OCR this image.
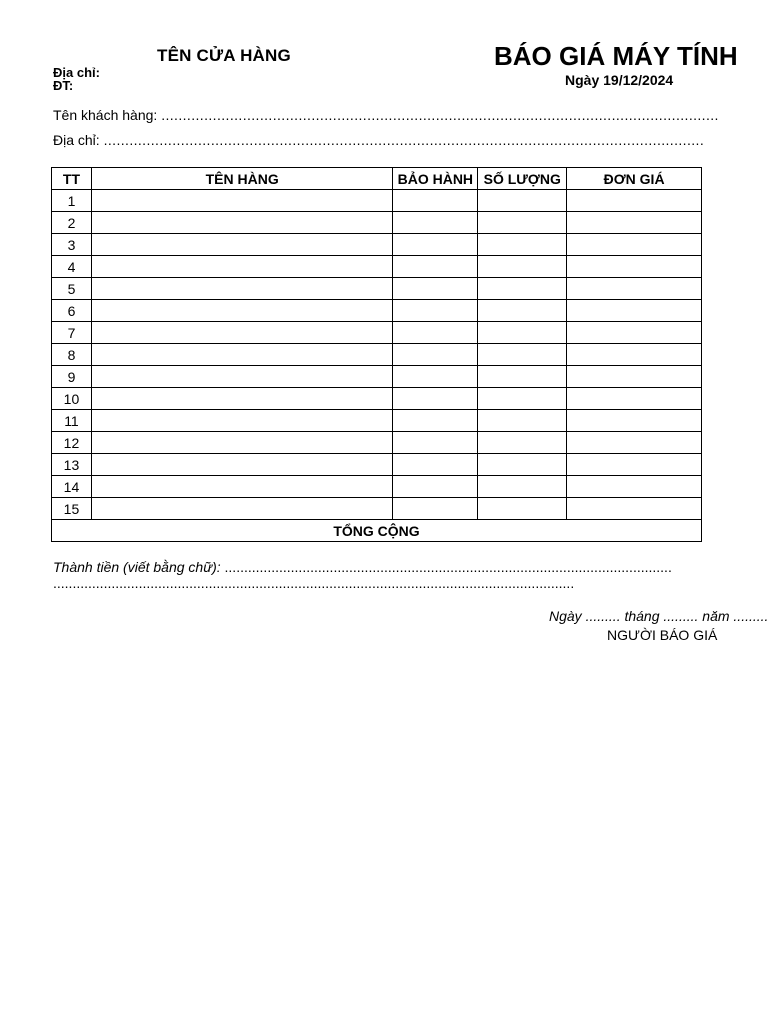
TÊN CỬA HÀNG
Địa chỉ:
ĐT:
BÁO GIÁ MÁY TÍNH
Ngày 19/12/2024
Tên khách hàng: ..................................................................................................................................
Địa chỉ: ............................................................................................................................................
TT	TÊN HÀNG	BẢO HÀNH	SỐ LƯỢNG	ĐƠN GIÁ
1				
2				
3				
4				
5				
6				
7				
8				
9				
10				
11				
12				
13				
14				
15				
TỔNG CỘNG				
Thành tiền (viết bằng chữ): ...................................................................................................................
......................................................................................................................................
Ngày ......... tháng ......... năm .........
NGƯỜI BÁO GIÁ
